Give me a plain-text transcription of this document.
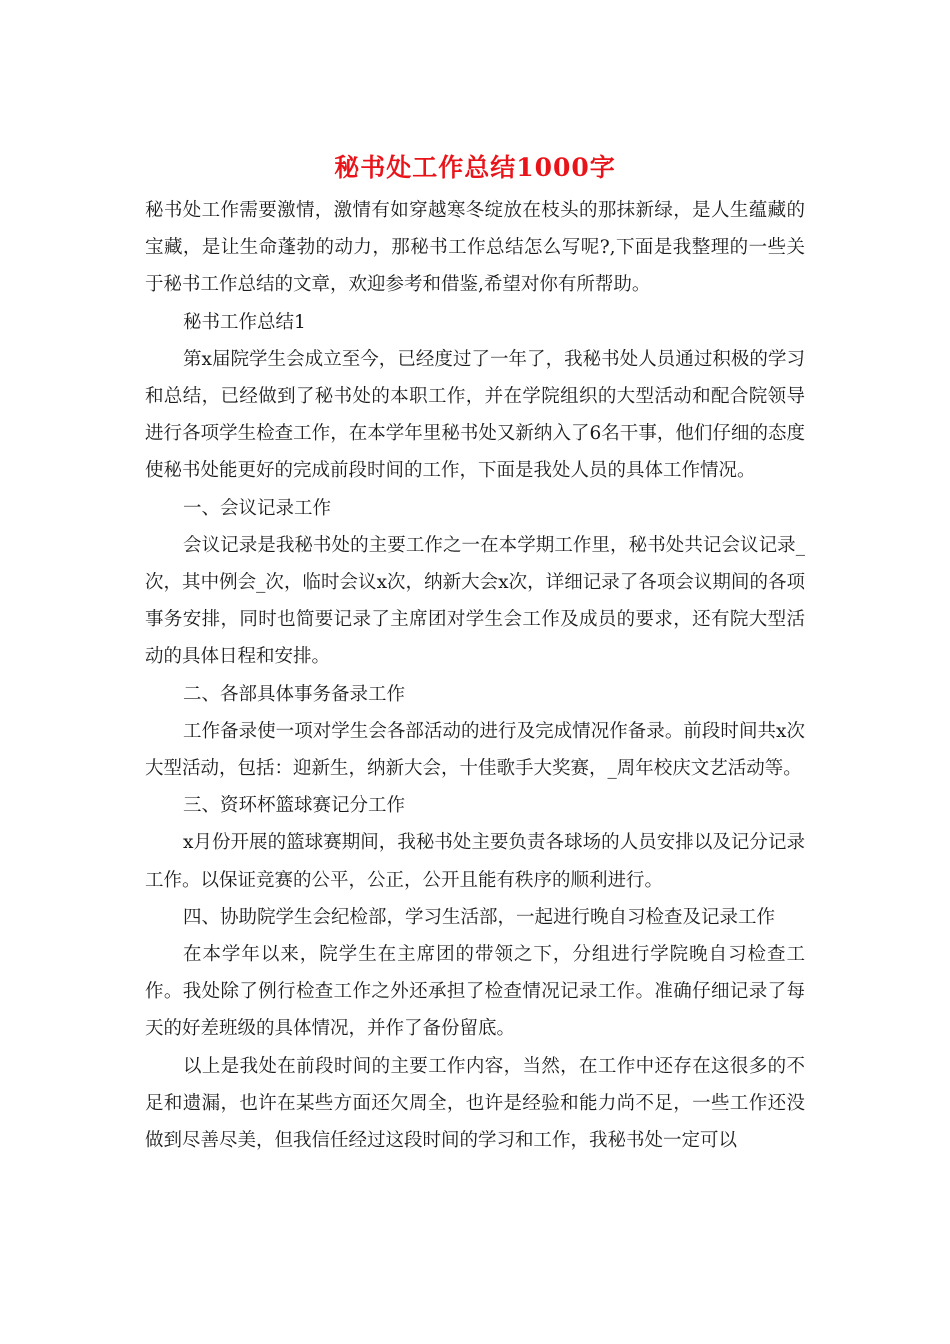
秘书处工作总结1000字

秘书处工作需要激情，激情有如穿越寒冬绽放在枝头的那抹新绿，是人生蕴藏的宝藏，是让生命蓬勃的动力，那秘书工作总结怎么写呢?,下面是我整理的一些关于秘书工作总结的文章，欢迎参考和借鉴,希望对你有所帮助。

秘书工作总结1

第x届院学生会成立至今，已经度过了一年了，我秘书处人员通过积极的学习和总结，已经做到了秘书处的本职工作，并在学院组织的大型活动和配合院领导进行各项学生检查工作，在本学年里秘书处又新纳入了6名干事，他们仔细的态度使秘书处能更好的完成前段时间的工作，下面是我处人员的具体工作情况。

一、会议记录工作

会议记录是我秘书处的主要工作之一在本学期工作里，秘书处共记会议记录_次，其中例会_次，临时会议x次，纳新大会x次，详细记录了各项会议期间的各项事务安排，同时也简要记录了主席团对学生会工作及成员的要求，还有院大型活动的具体日程和安排。

二、各部具体事务备录工作

工作备录使一项对学生会各部活动的进行及完成情况作备录。前段时间共x次大型活动，包括：迎新生，纳新大会，十佳歌手大奖赛，_周年校庆文艺活动等。

三、资环杯篮球赛记分工作

x月份开展的篮球赛期间，我秘书处主要负责各球场的人员安排以及记分记录工作。以保证竞赛的公平，公正，公开且能有秩序的顺利进行。

四、协助院学生会纪检部，学习生活部，一起进行晚自习检查及记录工作

在本学年以来，院学生在主席团的带领之下，分组进行学院晚自习检查工作。我处除了例行检查工作之外还承担了检查情况记录工作。准确仔细记录了每天的好差班级的具体情况，并作了备份留底。

以上是我处在前段时间的主要工作内容，当然，在工作中还存在这很多的不足和遗漏，也许在某些方面还欠周全，也许是经验和能力尚不足，一些工作还没做到尽善尽美，但我信任经过这段时间的学习和工作，我秘书处一定可以
